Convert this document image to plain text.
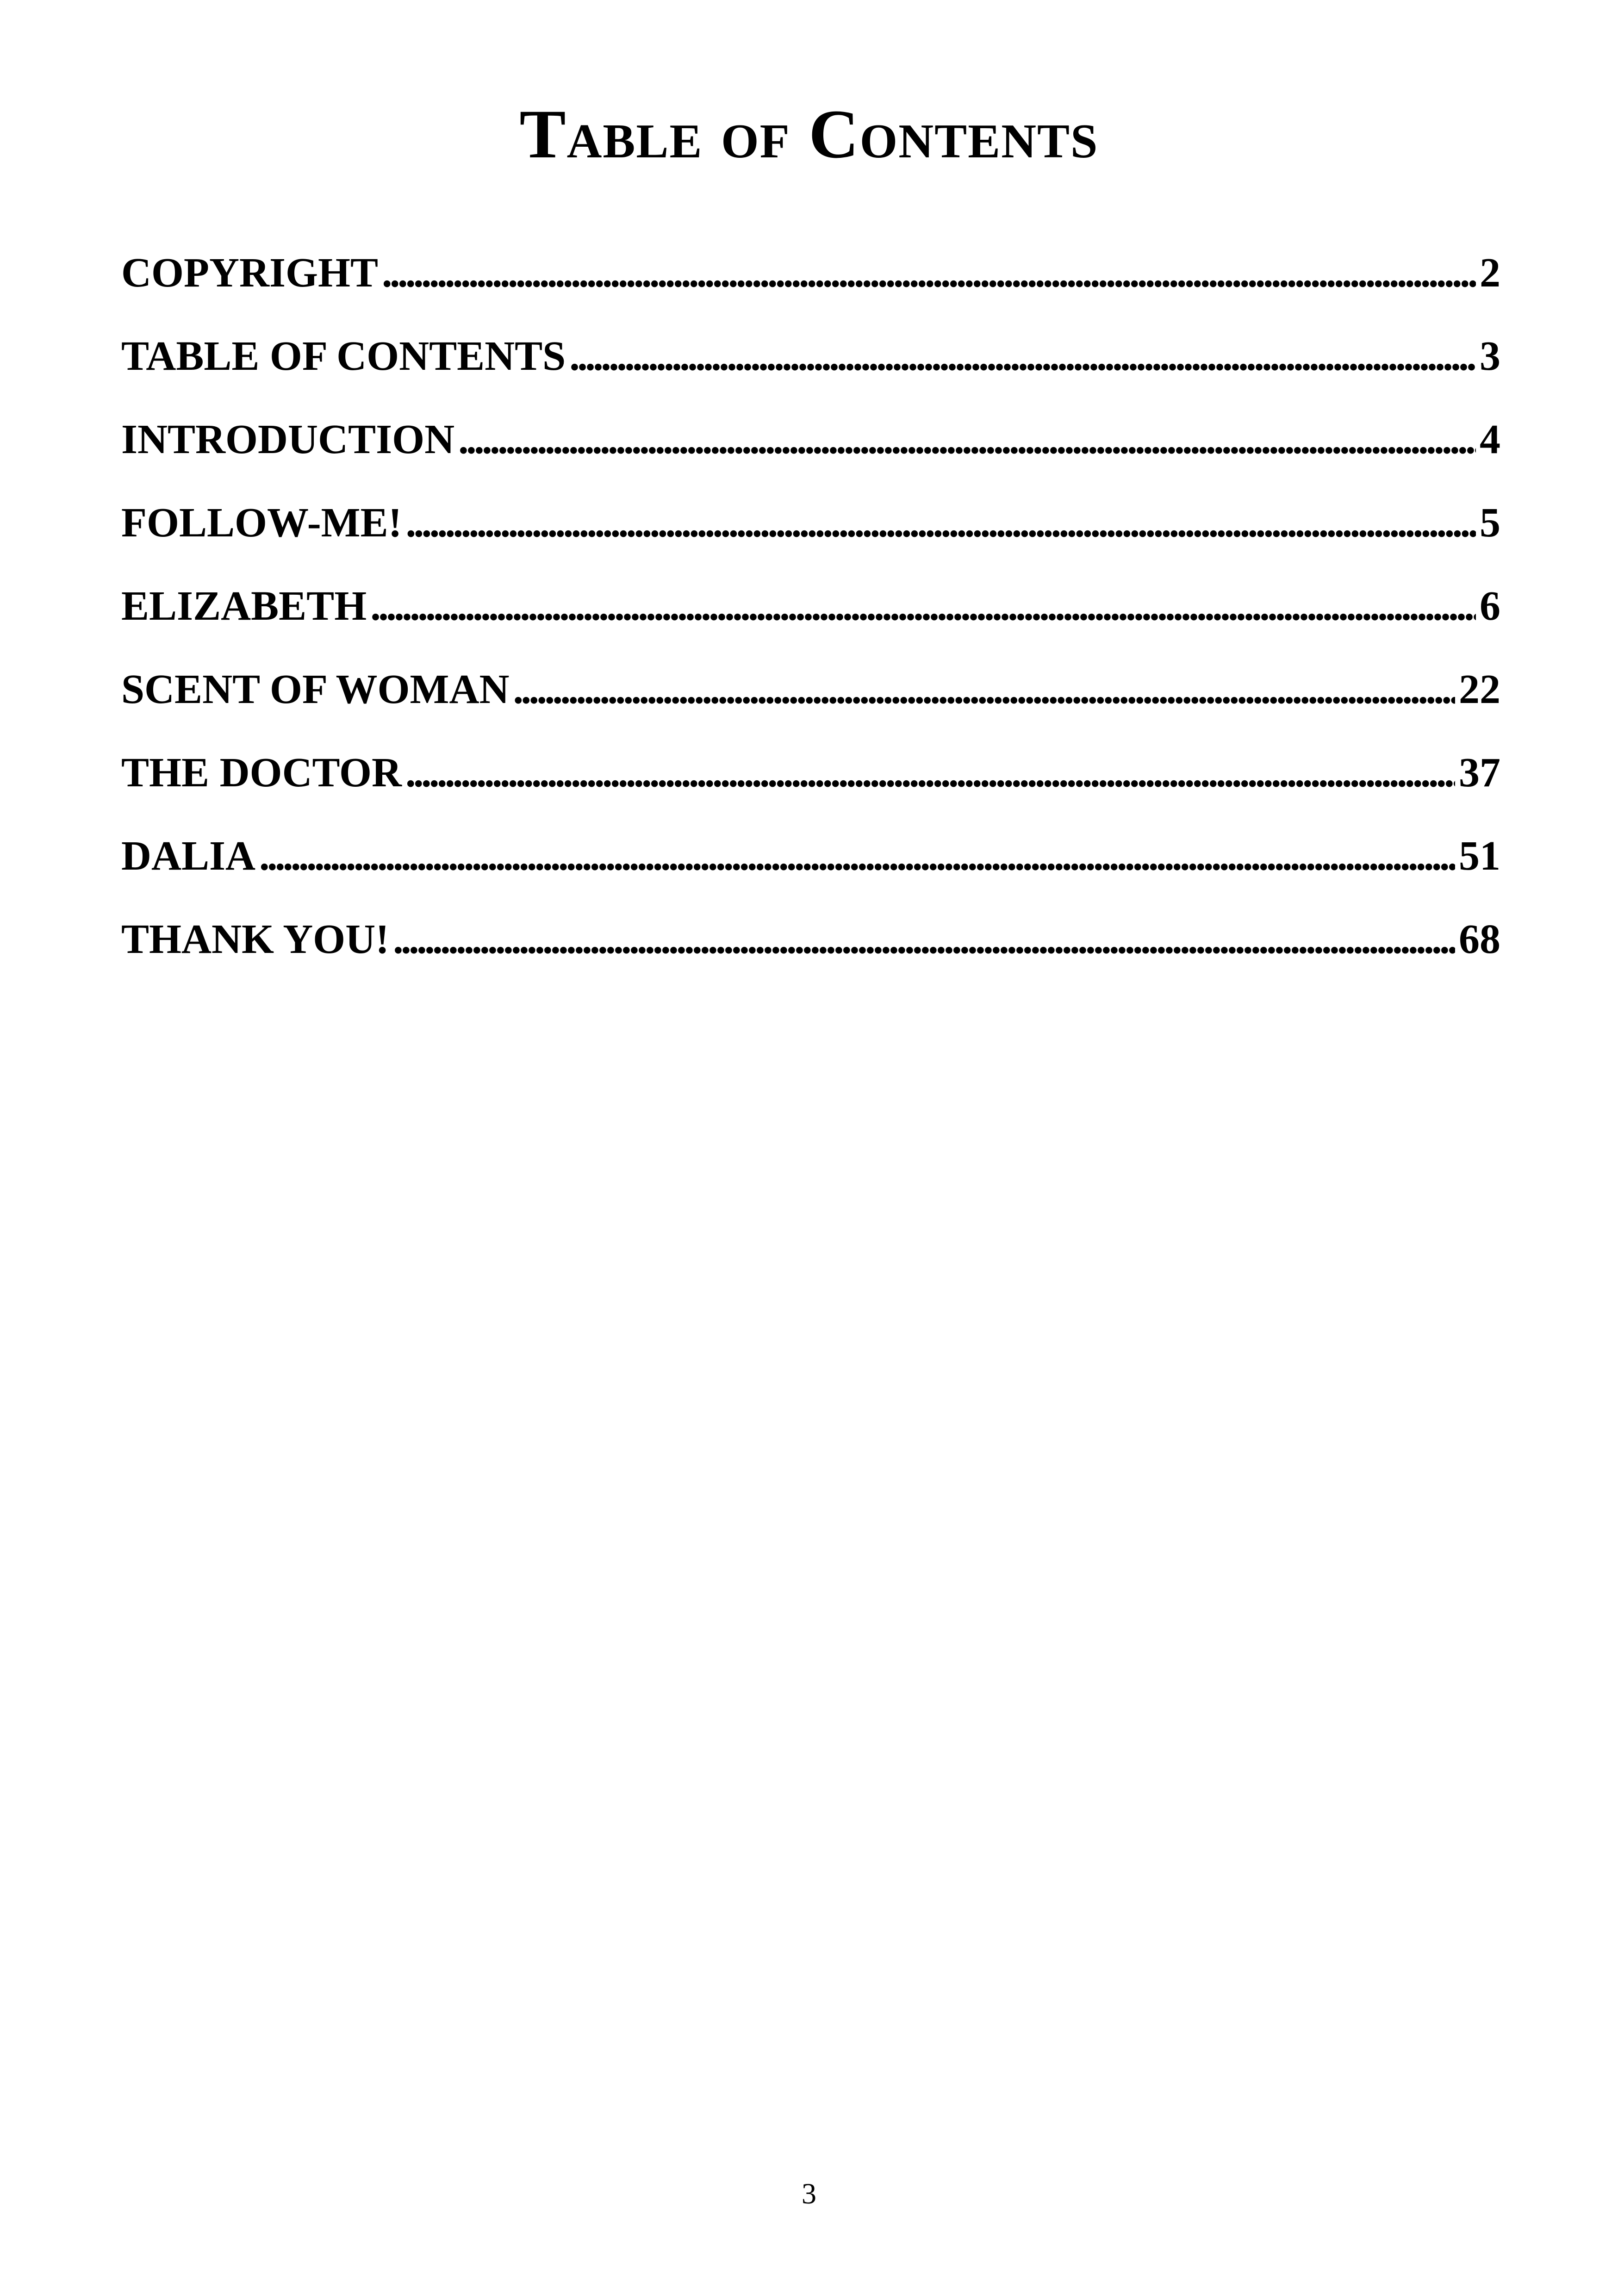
Table of Contents
COPYRIGHT . . .	2
TABLE OF CONTENTS . . .	3
INTRODUCTION . . .	4
FOLLOW-ME! . . .	5
ELIZABETH . . .	6
SCENT OF WOMAN . . .	22
THE DOCTOR . . .	37
DALIA . . .	51
THANK YOU! . . .	68
3
